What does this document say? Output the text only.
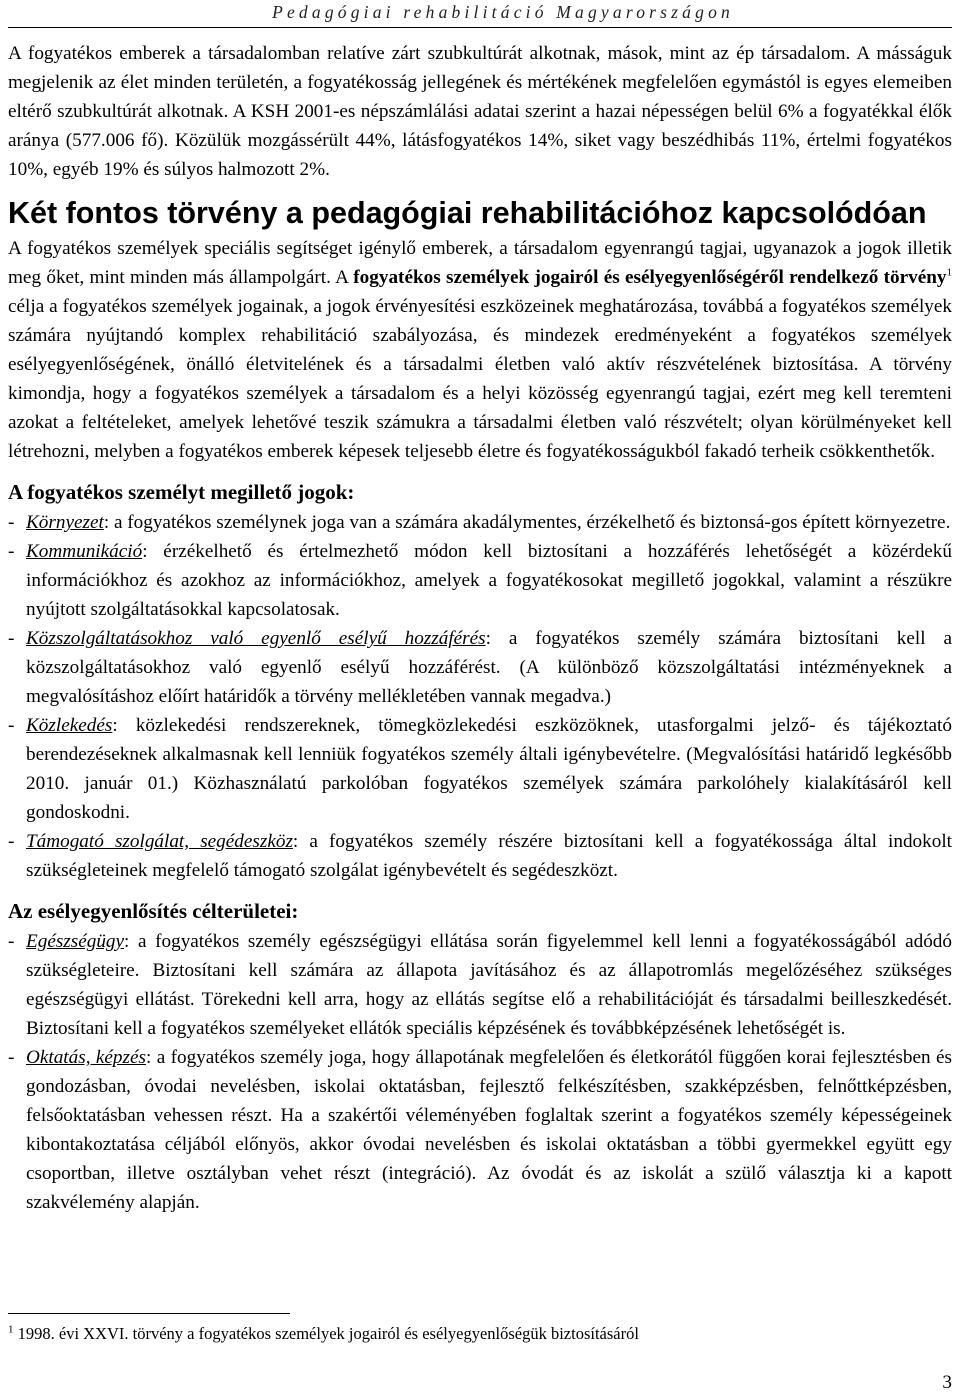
Pedagógiai rehabilitáció Magyarországon

A fogyatékos emberek a társadalomban relatíve zárt szubkultúrát alkotnak, mások, mint az ép társadalom. A másságuk megjelenik az élet minden területén, a fogyatékosság jellegének és mértékének megfelelően egymástól is egyes elemeiben eltérő szubkultúrát alkotnak. A KSH 2001-es népszámlálási adatai szerint a hazai népességen belül 6% a fogyatékkal élők aránya (577.006 fő). Közülük mozgássérült 44%, látásfogyatékos 14%, siket vagy beszédhibás 11%, értelmi fogyatékos 10%, egyéb 19% és súlyos halmozott 2%.

Két fontos törvény a pedagógiai rehabilitációhoz kapcsolódóan

A fogyatékos személyek speciális segítséget igénylő emberek, a társadalom egyenrangú tagjai, ugyanazok a jogok illetik meg őket, mint minden más állampolgárt. A fogyatékos személyek jogairól és esélyegyenlőségéről rendelkező törvény$^1$ célja a fogyatékos személyek jogainak, a jogok érvényesítési eszközeinek meghatározása, továbbá a fogyatékos személyek számára nyújtandó komplex rehabilitáció szabályozása, és mindezek eredményeként a fogyatékos személyek esélyegyenlőségének, önálló életvitelének és a társadalmi életben való aktív részvételének biztosítása. A törvény kimondja, hogy a fogyatékos személyek a társadalom és a helyi közösség egyenrangú tagjai, ezért meg kell teremteni azokat a feltételeket, amelyek lehetővé teszik számukra a társadalmi életben való részvételt; olyan körülményeket kell létrehozni, melyben a fogyatékos emberek képesek teljesebb életre és fogyatékosságukból fakadó terheik csökkenthetők.

A fogyatékos személyt megillető jogok:

- Környezet: a fogyatékos személynek joga van a számára akadálymentes, érzékelhető és biztonsá-gos épített környezetre.

- Kommunikáció: érzékelhető és értelmezhető módon kell biztosítani a hozzáférés lehetőségét a közérdekű információkhoz és azokhoz az információkhoz, amelyek a fogyatékosokat megillető jogokkal, valamint a részükre nyújtott szolgáltatásokkal kapcsolatosak.

- Közszolgáltatásokhoz való egyenlő esélyű hozzáférés: a fogyatékos személy számára biztosítani kell a közszolgáltatásokhoz való egyenlő esélyű hozzáférést. (A különböző közszolgáltatási intézményeknek a megvalósításhoz előírt határidők a törvény mellékletében vannak megadva.)

- Közlekedés: közlekedési rendszereknek, tömegközlekedési eszközöknek, utasforgalmi jelző- és tájékoztató berendezéseknek alkalmasnak kell lenniük fogyatékos személy általi igénybevételre. (Megvalósítási határidő legkésőbb 2010. január 01.) Közhasználatú parkolóban fogyatékos személyek számára parkolóhely kialakításáról kell gondoskodni.

- Támogató szolgálat, segédeszköz: a fogyatékos személy részére biztosítani kell a fogyatékossága által indokolt szükségleteinek megfelelő támogató szolgálat igénybevételt és segédeszközt.

Az esélyegyenlősítés célterületei:

- Egészségügy: a fogyatékos személy egészségügyi ellátása során figyelemmel kell lenni a fogyatékosságából adódó szükségleteire. Biztosítani kell számára az állapota javításához és az állapotromlás megelőzéséhez szükséges egészségügyi ellátást. Törekedni kell arra, hogy az ellátás segítse elő a rehabilitációját és társadalmi beilleszkedését. Biztosítani kell a fogyatékos személyeket ellátók speciális képzésének és továbbképzésének lehetőségét is.

- Oktatás, képzés: a fogyatékos személy joga, hogy állapotának megfelelően és életkorától függően korai fejlesztésben és gondozásban, óvodai nevelésben, iskolai oktatásban, fejlesztő felkészítésben, szakképzésben, felnőttképzésben, felsőoktatásban vehessen részt. Ha a szakértői véleményében foglaltak szerint a fogyatékos személy képességeinek kibontakoztatása céljából előnyös, akkor óvodai nevelésben és iskolai oktatásban a többi gyermekkel együtt egy csoportban, illetve osztályban vehet részt (integráció). Az óvodát és az iskolát a szülő választja ki a kapott szakvélemény alapján.

$^1$ 1998. évi XXVI. törvény a fogyatékos személyek jogairól és esélyegyenlőségük biztosításáról
3
